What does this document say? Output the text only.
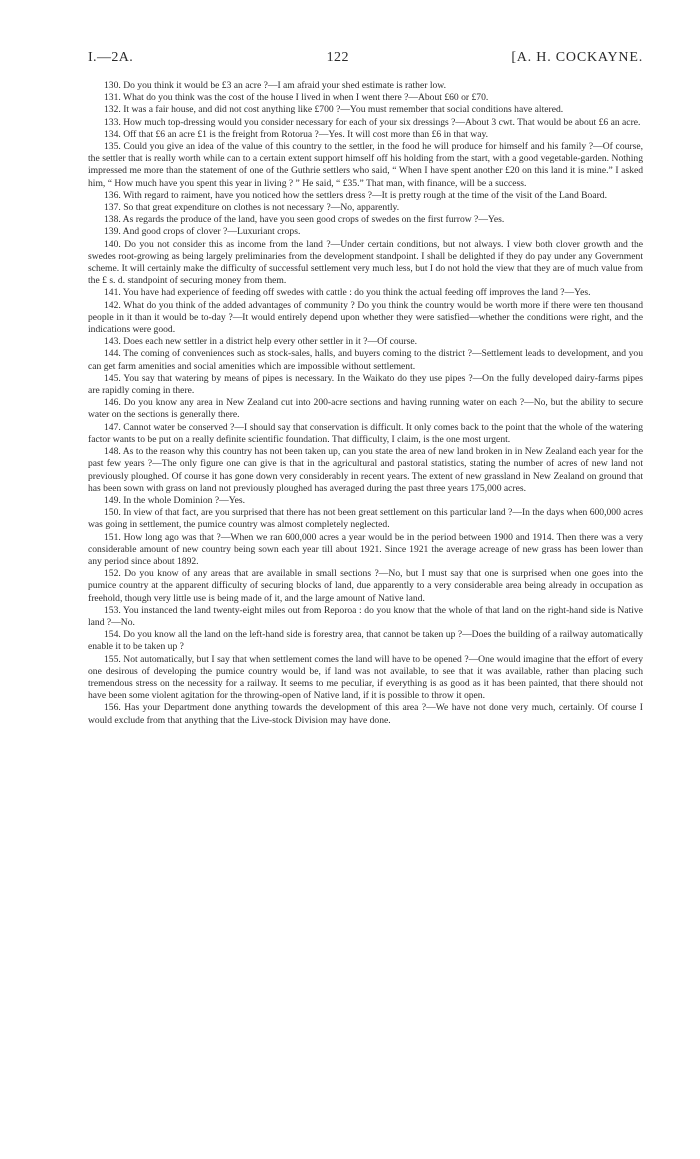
I.—2A.	122	[A. H. COCKAYNE.

130. Do you think it would be £3 an acre ?—I am afraid your shed estimate is rather low.

131. What do you think was the cost of the house I lived in when I went there ?—About £60 or £70.

132. It was a fair house, and did not cost anything like £700 ?—You must remember that social conditions have altered.

133. How much top-dressing would you consider necessary for each of your six dressings ?—About 3 cwt. That would be about £6 an acre.

134. Off that £6 an acre £1 is the freight from Rotorua ?—Yes. It will cost more than £6 in that way.

135. Could you give an idea of the value of this country to the settler, in the food he will produce for himself and his family ?—Of course, the settler that is really worth while can to a certain extent support himself off his holding from the start, with a good vegetable-garden. Nothing impressed me more than the statement of one of the Guthrie settlers who said, “ When I have spent another £20 on this land it is mine.” I asked him, “ How much have you spent this year in living ? ” He said, “ £35.” That man, with finance, will be a success.

136. With regard to raiment, have you noticed how the settlers dress ?—It is pretty rough at the time of the visit of the Land Board.

137. So that great expenditure on clothes is not necessary ?—No, apparently.

138. As regards the produce of the land, have you seen good crops of swedes on the first furrow ?—Yes.

139. And good crops of clover ?—Luxuriant crops.

140. Do you not consider this as income from the land ?—Under certain conditions, but not always. I view both clover growth and the swedes root-growing as being largely preliminaries from the development standpoint. I shall be delighted if they do pay under any Government scheme. It will certainly make the difficulty of successful settlement very much less, but I do not hold the view that they are of much value from the £ s. d. standpoint of securing money from them.

141. You have had experience of feeding off swedes with cattle : do you think the actual feeding off improves the land ?—Yes.

142. What do you think of the added advantages of community ? Do you think the country would be worth more if there were ten thousand people in it than it would be to-day ?—It would entirely depend upon whether they were satisfied—whether the conditions were right, and the indications were good.

143. Does each new settler in a district help every other settler in it ?—Of course.

144. The coming of conveniences such as stock-sales, halls, and buyers coming to the district ?—Settlement leads to development, and you can get farm amenities and social amenities which are impossible without settlement.

145. You say that watering by means of pipes is necessary. In the Waikato do they use pipes ?—On the fully developed dairy-farms pipes are rapidly coming in there.

146. Do you know any area in New Zealand cut into 200-acre sections and having running water on each ?—No, but the ability to secure water on the sections is generally there.

147. Cannot water be conserved ?—I should say that conservation is difficult. It only comes back to the point that the whole of the watering factor wants to be put on a really definite scientific foundation. That difficulty, I claim, is the one most urgent.

148. As to the reason why this country has not been taken up, can you state the area of new land broken in in New Zealand each year for the past few years ?—The only figure one can give is that in the agricultural and pastoral statistics, stating the number of acres of new land not previously ploughed. Of course it has gone down very considerably in recent years. The extent of new grassland in New Zealand on ground that has been sown with grass on land not previously ploughed has averaged during the past three years 175,000 acres.

149. In the whole Dominion ?—Yes.

150. In view of that fact, are you surprised that there has not been great settlement on this particular land ?—In the days when 600,000 acres was going in settlement, the pumice country was almost completely neglected.

151. How long ago was that ?—When we ran 600,000 acres a year would be in the period between 1900 and 1914. Then there was a very considerable amount of new country being sown each year till about 1921. Since 1921 the average acreage of new grass has been lower than any period since about 1892.

152. Do you know of any areas that are available in small sections ?—No, but I must say that one is surprised when one goes into the pumice country at the apparent difficulty of securing blocks of land, due apparently to a very considerable area being already in occupation as freehold, though very little use is being made of it, and the large amount of Native land.

153. You instanced the land twenty-eight miles out from Reporoa : do you know that the whole of that land on the right-hand side is Native land ?—No.

154. Do you know all the land on the left-hand side is forestry area, that cannot be taken up ?—Does the building of a railway automatically enable it to be taken up ?

155. Not automatically, but I say that when settlement comes the land will have to be opened ?—One would imagine that the effort of every one desirous of developing the pumice country would be, if land was not available, to see that it was available, rather than placing such tremendous stress on the necessity for a railway. It seems to me peculiar, if everything is as good as it has been painted, that there should not have been some violent agitation for the throwing-open of Native land, if it is possible to throw it open.

156. Has your Department done anything towards the development of this area ?—We have not done very much, certainly. Of course I would exclude from that anything that the Live-stock Division may have done.
